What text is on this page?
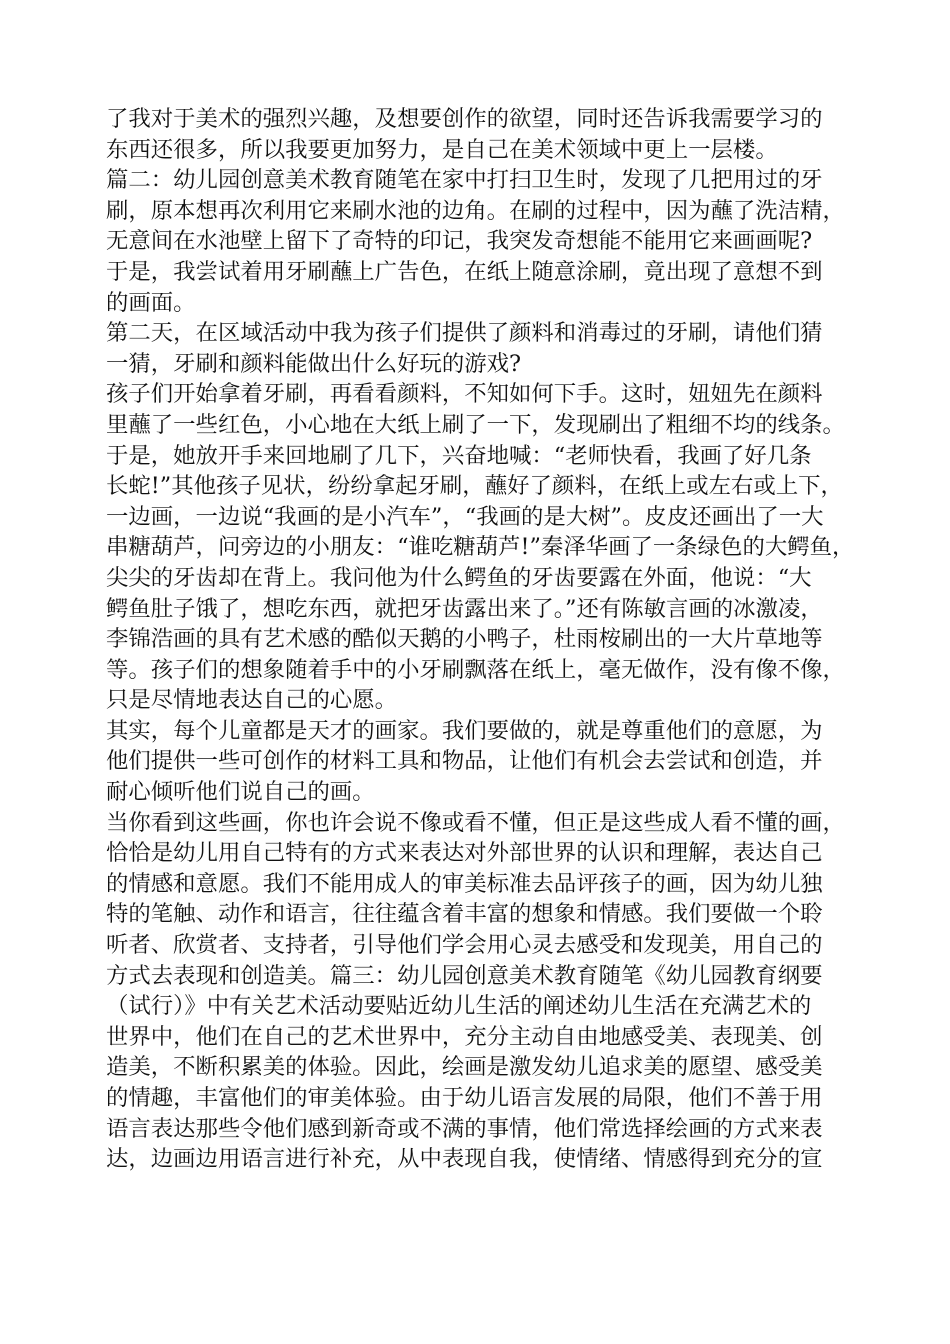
了我对于美术的强烈兴趣，及想要创作的欲望，同时还告诉我需要学习的
东西还很多，所以我要更加努力，是自己在美术领域中更上一层楼。
篇二：幼儿园创意美术教育随笔在家中打扫卫生时，发现了几把用过的牙
刷，原本想再次利用它来刷水池的边角。在刷的过程中，因为蘸了洗洁精，
无意间在水池壁上留下了奇特的印记，我突发奇想能不能用它来画画呢?
于是，我尝试着用牙刷蘸上广告色，在纸上随意涂刷，竟出现了意想不到
的画面。
第二天，在区域活动中我为孩子们提供了颜料和消毒过的牙刷，请他们猜
一猜，牙刷和颜料能做出什么好玩的游戏?
孩子们开始拿着牙刷，再看看颜料，不知如何下手。这时，妞妞先在颜料
里蘸了一些红色，小心地在大纸上刷了一下，发现刷出了粗细不均的线条。
于是，她放开手来回地刷了几下，兴奋地喊：“老师快看，我画了好几条
长蛇!”其他孩子见状，纷纷拿起牙刷，蘸好了颜料，在纸上或左右或上下，
一边画，一边说“我画的是小汽车”，“我画的是大树”。皮皮还画出了一大
串糖葫芦，问旁边的小朋友：“谁吃糖葫芦!”秦泽华画了一条绿色的大鳄鱼，
尖尖的牙齿却在背上。我问他为什么鳄鱼的牙齿要露在外面，他说：“大
鳄鱼肚子饿了，想吃东西，就把牙齿露出来了。”还有陈敏言画的冰激凌，
李锦浩画的具有艺术感的酷似天鹅的小鸭子，杜雨桉刷出的一大片草地等
等。孩子们的想象随着手中的小牙刷飘落在纸上，毫无做作，没有像不像，
只是尽情地表达自己的心愿。
其实，每个儿童都是天才的画家。我们要做的，就是尊重他们的意愿，为
他们提供一些可创作的材料工具和物品，让他们有机会去尝试和创造，并
耐心倾听他们说自己的画。
当你看到这些画，你也许会说不像或看不懂，但正是这些成人看不懂的画，
恰恰是幼儿用自己特有的方式来表达对外部世界的认识和理解，表达自己
的情感和意愿。我们不能用成人的审美标准去品评孩子的画，因为幼儿独
特的笔触、动作和语言，往往蕴含着丰富的想象和情感。我们要做一个聆
听者、欣赏者、支持者，引导他们学会用心灵去感受和发现美，用自己的
方式去表现和创造美。篇三：幼儿园创意美术教育随笔《幼儿园教育纲要
（试行）》中有关艺术活动要贴近幼儿生活的阐述幼儿生活在充满艺术的
世界中，他们在自己的艺术世界中，充分主动自由地感受美、表现美、创
造美，不断积累美的体验。因此，绘画是激发幼儿追求美的愿望、感受美
的情趣，丰富他们的审美体验。由于幼儿语言发展的局限，他们不善于用
语言表达那些令他们感到新奇或不满的事情，他们常选择绘画的方式来表
达，边画边用语言进行补充，从中表现自我，使情绪、情感得到充分的宣
